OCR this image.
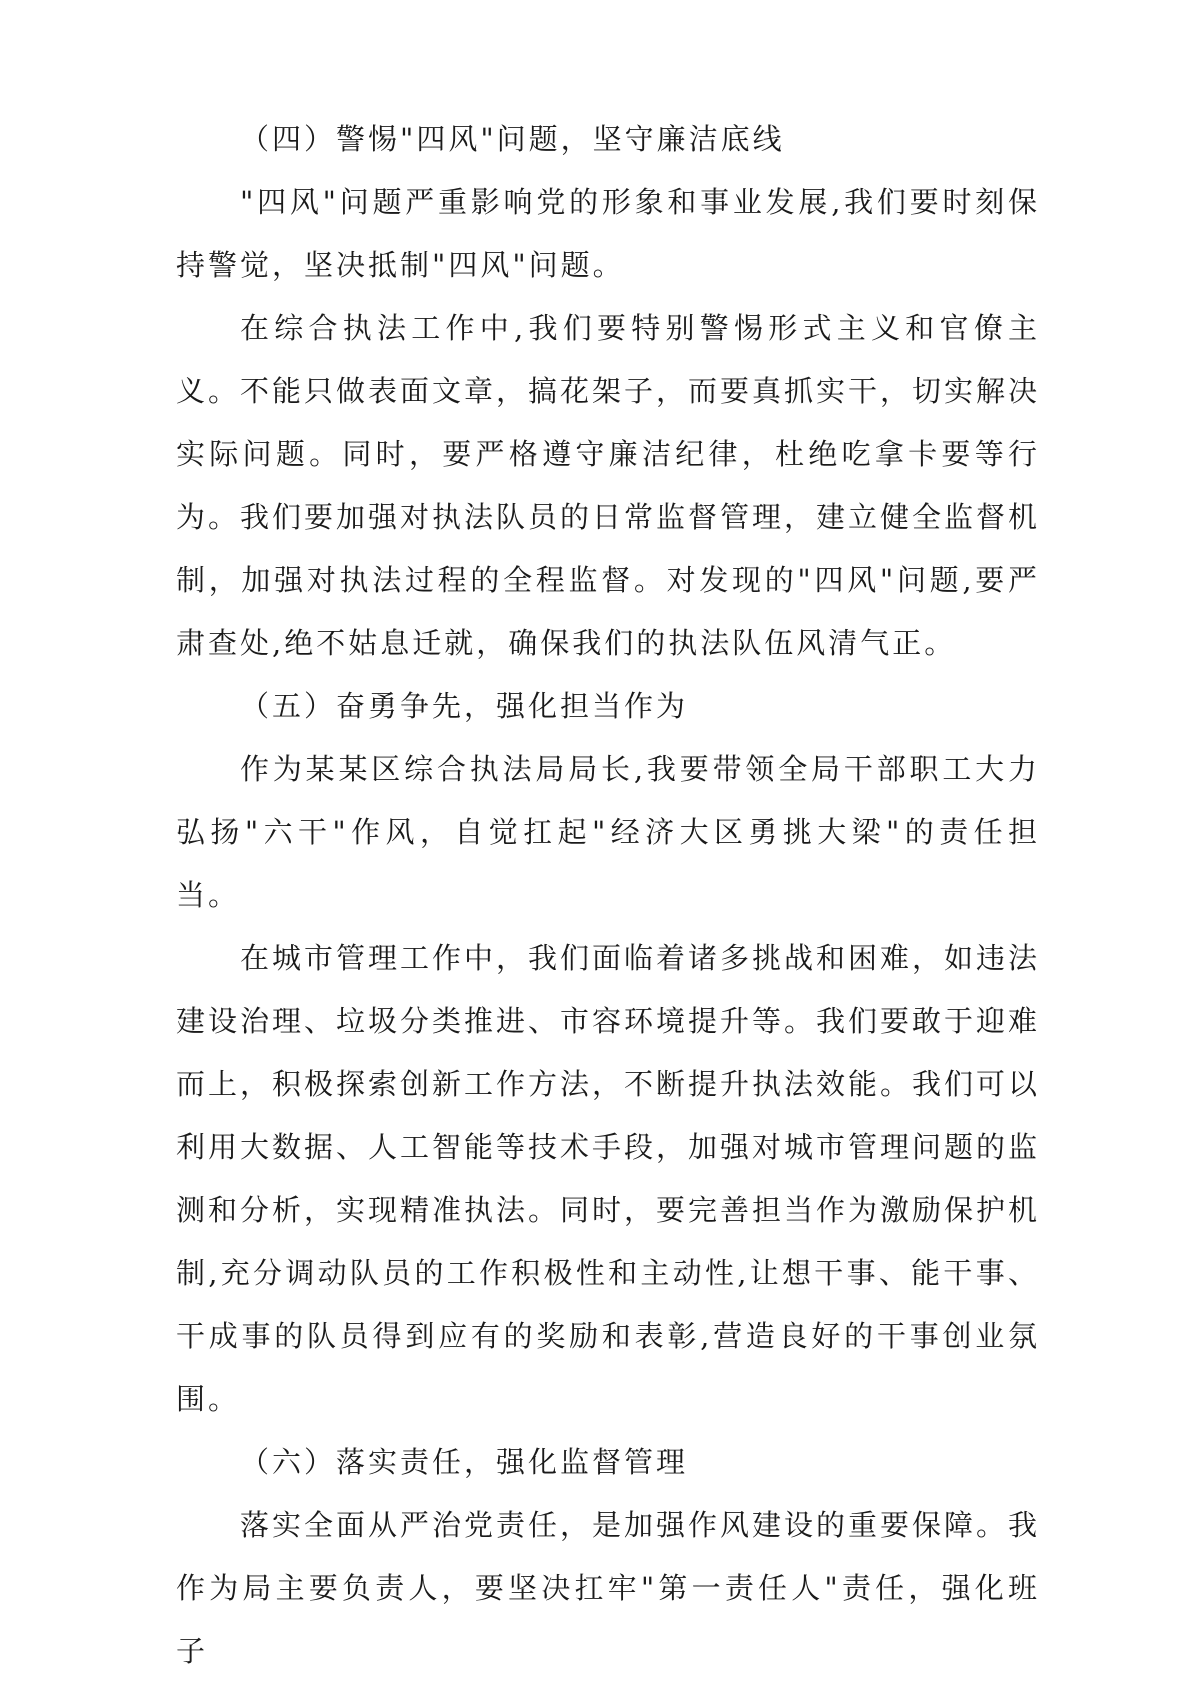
（四）警惕"四风"问题，坚守廉洁底线

"四风"问题严重影响党的形象和事业发展,我们要时刻保持警觉，坚决抵制"四风"问题。

在综合执法工作中,我们要特别警惕形式主义和官僚主义。不能只做表面文章，搞花架子，而要真抓实干，切实解决实际问题。同时，要严格遵守廉洁纪律，杜绝吃拿卡要等行为。我们要加强对执法队员的日常监督管理，建立健全监督机制，加强对执法过程的全程监督。对发现的"四风"问题,要严肃查处,绝不姑息迁就，确保我们的执法队伍风清气正。

（五）奋勇争先，强化担当作为

作为某某区综合执法局局长,我要带领全局干部职工大力弘扬"六干"作风，自觉扛起"经济大区勇挑大梁"的责任担当。

在城市管理工作中，我们面临着诸多挑战和困难，如违法建设治理、垃圾分类推进、市容环境提升等。我们要敢于迎难而上，积极探索创新工作方法，不断提升执法效能。我们可以利用大数据、人工智能等技术手段，加强对城市管理问题的监测和分析，实现精准执法。同时，要完善担当作为激励保护机制,充分调动队员的工作积极性和主动性,让想干事、能干事、干成事的队员得到应有的奖励和表彰,营造良好的干事创业氛围。

（六）落实责任，强化监督管理

落实全面从严治党责任，是加强作风建设的重要保障。我作为局主要负责人，要坚决扛牢"第一责任人"责任，强化班子
